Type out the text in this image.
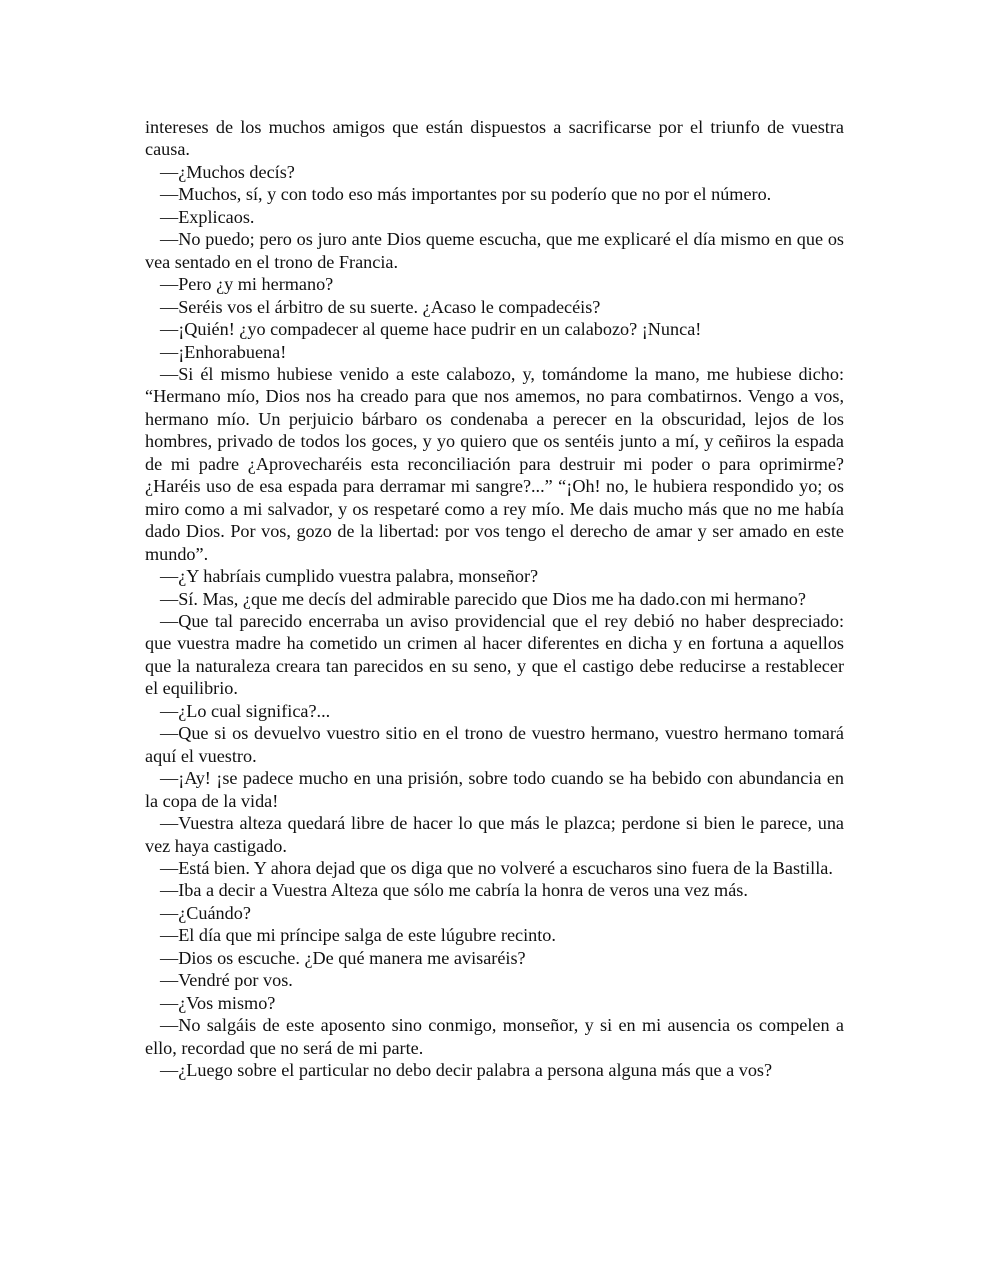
intereses de los muchos amigos que están dispuestos a sacrificarse por el triunfo de vuestra causa.

—¿Muchos decís?

—Muchos, sí, y con todo eso más importantes por su poderío que no por el número.

—Explicaos.

—No puedo; pero os juro ante Dios queme escucha, que me explicaré el día mismo en que os vea sentado en el trono de Francia.

—Pero ¿y mi hermano?

—Seréis vos el árbitro de su suerte. ¿Acaso le compadecéis?

—¡Quién! ¿yo compadecer al queme hace pudrir en un calabozo? ¡Nunca!

—¡Enhorabuena!

—Si él mismo hubiese venido a este calabozo, y, tomándome la mano, me hubiese dicho: “Hermano mío, Dios nos ha creado para que nos amemos, no para combatirnos. Vengo a vos, hermano mío. Un perjuicio bárbaro os condenaba a perecer en la obscuridad, lejos de los hombres, privado de todos los goces, y yo quiero que os sentéis junto a mí, y ceñiros la espada de mi padre ¿Aprovecharéis esta reconciliación para destruir mi poder o para oprimirme? ¿Haréis uso de esa espada para derramar mi sangre?...” “¡Oh! no, le hubiera respondido yo; os miro como a mi salvador, y os respetaré como a rey mío. Me dais mucho más que no me había dado Dios. Por vos, gozo de la libertad: por vos tengo el derecho de amar y ser amado en este mundo”.

—¿Y habríais cumplido vuestra palabra, monseñor?

—Sí. Mas, ¿que me decís del admirable parecido que Dios me ha dado.con mi hermano?

—Que tal parecido encerraba un aviso providencial que el rey debió no haber despreciado: que vuestra madre ha cometido un crimen al hacer diferentes en dicha y en fortuna a aquellos que la naturaleza creara tan parecidos en su seno, y que el castigo debe reducirse a restablecer el equilibrio.

—¿Lo cual significa?...

—Que si os devuelvo vuestro sitio en el trono de vuestro hermano, vuestro hermano tomará aquí el vuestro.

—¡Ay! ¡se padece mucho en una prisión, sobre todo cuando se ha bebido con abundancia en la copa de la vida!

—Vuestra alteza quedará libre de hacer lo que más le plazca; perdone si bien le parece, una vez haya castigado.

—Está bien. Y ahora dejad que os diga que no volveré a escucharos sino fuera de la Bastilla.

—Iba a decir a Vuestra Alteza que sólo me cabría la honra de veros una vez más.

—¿Cuándo?

—El día que mi príncipe salga de este lúgubre recinto.

—Dios os escuche. ¿De qué manera me avisaréis?

—Vendré por vos.

—¿Vos mismo?

—No salgáis de este aposento sino conmigo, monseñor, y si en mi ausencia os compelen a ello, recordad que no será de mi parte.

—¿Luego sobre el particular no debo decir palabra a persona alguna más que a vos?
